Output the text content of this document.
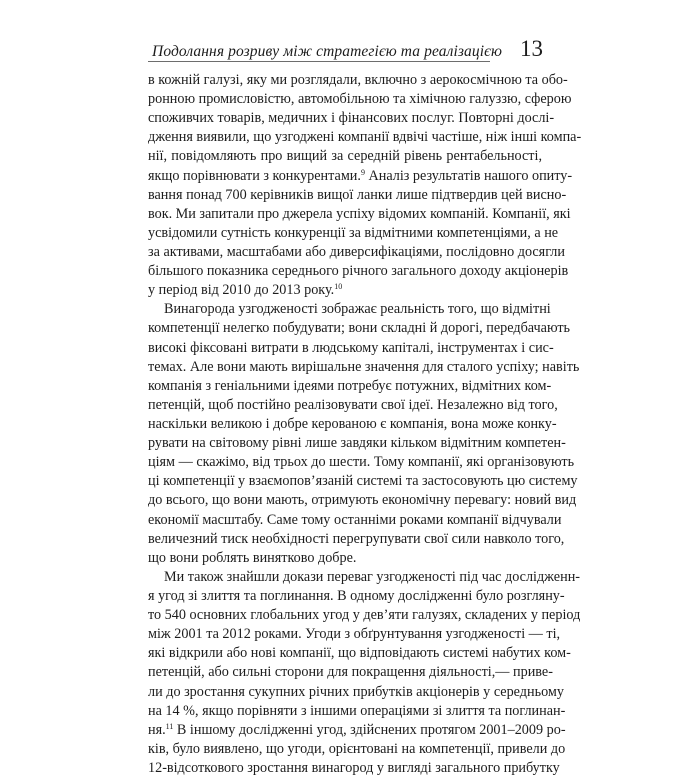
Подолання розриву між стратегією та реалізацією 13
в кожній галузі, яку ми розглядали, включно з аерокосмічною та обо-
ронною промисловістю, автомобільною та хімічною галуззю, сферою
споживчих товарів, медичних і фінансових послуг. Повторні дослі-
дження виявили, що узгоджені компанії вдвічі частіше, ніж інші компа-
нії, повідомляють про вищий за середній рівень рентабельності,
якщо порівнювати з конкурентами.$^9$ Аналіз результатів нашого опиту-
вання понад 700 керівників вищої ланки лише підтвердив цей висно-
вок. Ми запитали про джерела успіху відомих компаній. Компанії, які
усвідомили сутність конкуренції за відмітними компетенціями, а не
за активами, масштабами або диверсифікаціями, послідовно досягли
більшого показника середнього річного загального доходу акціонерів
у період від 2010 до 2013 року.$^{10}$
Винагорода узгодженості зображає реальність того, що відмітні
компетенції нелегко побудувати; вони складні й дорогі, передбачають
високі фіксовані витрати в людському капіталі, інструментах і сис-
темах. Але вони мають вирішальне значення для сталого успіху; навіть
компанія з геніальними ідеями потребує потужних, відмітних ком-
петенцій, щоб постійно реалізовувати свої ідеї. Незалежно від того,
наскільки великою і добре керованою є компанія, вона може конку-
рувати на світовому рівні лише завдяки кільком відмітним компетен-
ціям — скажімо, від трьох до шести. Тому компанії, які організовують
ці компетенції у взаємопов’язаній системі та застосовують цю систему
до всього, що вони мають, отримують економічну перевагу: новий вид
економії масштабу. Саме тому останніми роками компанії відчували
величезний тиск необхідності перегрупувати свої сили навколо того,
що вони роблять винятково добре.
Ми також знайшли докази переваг узгодженості під час дослідженн-
я угод зі злиття та поглинання. В одному дослідженні було розгляну-
то 540 основних глобальних угод у дев’яти галузях, складених у період
між 2001 та 2012 роками. Угоди з обґрунтування узгодженості — ті,
які відкрили або нові компанії, що відповідають системі набутих ком-
петенцій, або сильні сторони для покращення діяльності,— приве-
ли до зростання сукупних річних прибутків акціонерів у середньому
на 14 %, якщо порівняти з іншими операціями зі злиття та поглинан-
ня.$^{11}$ В іншому дослідженні угод, здійснених протягом 2001–2009 ро-
ків, було виявлено, що угоди, орієнтовані на компетенції, привели до
12-відсоткового зростання винагород у вигляді загального прибутку
